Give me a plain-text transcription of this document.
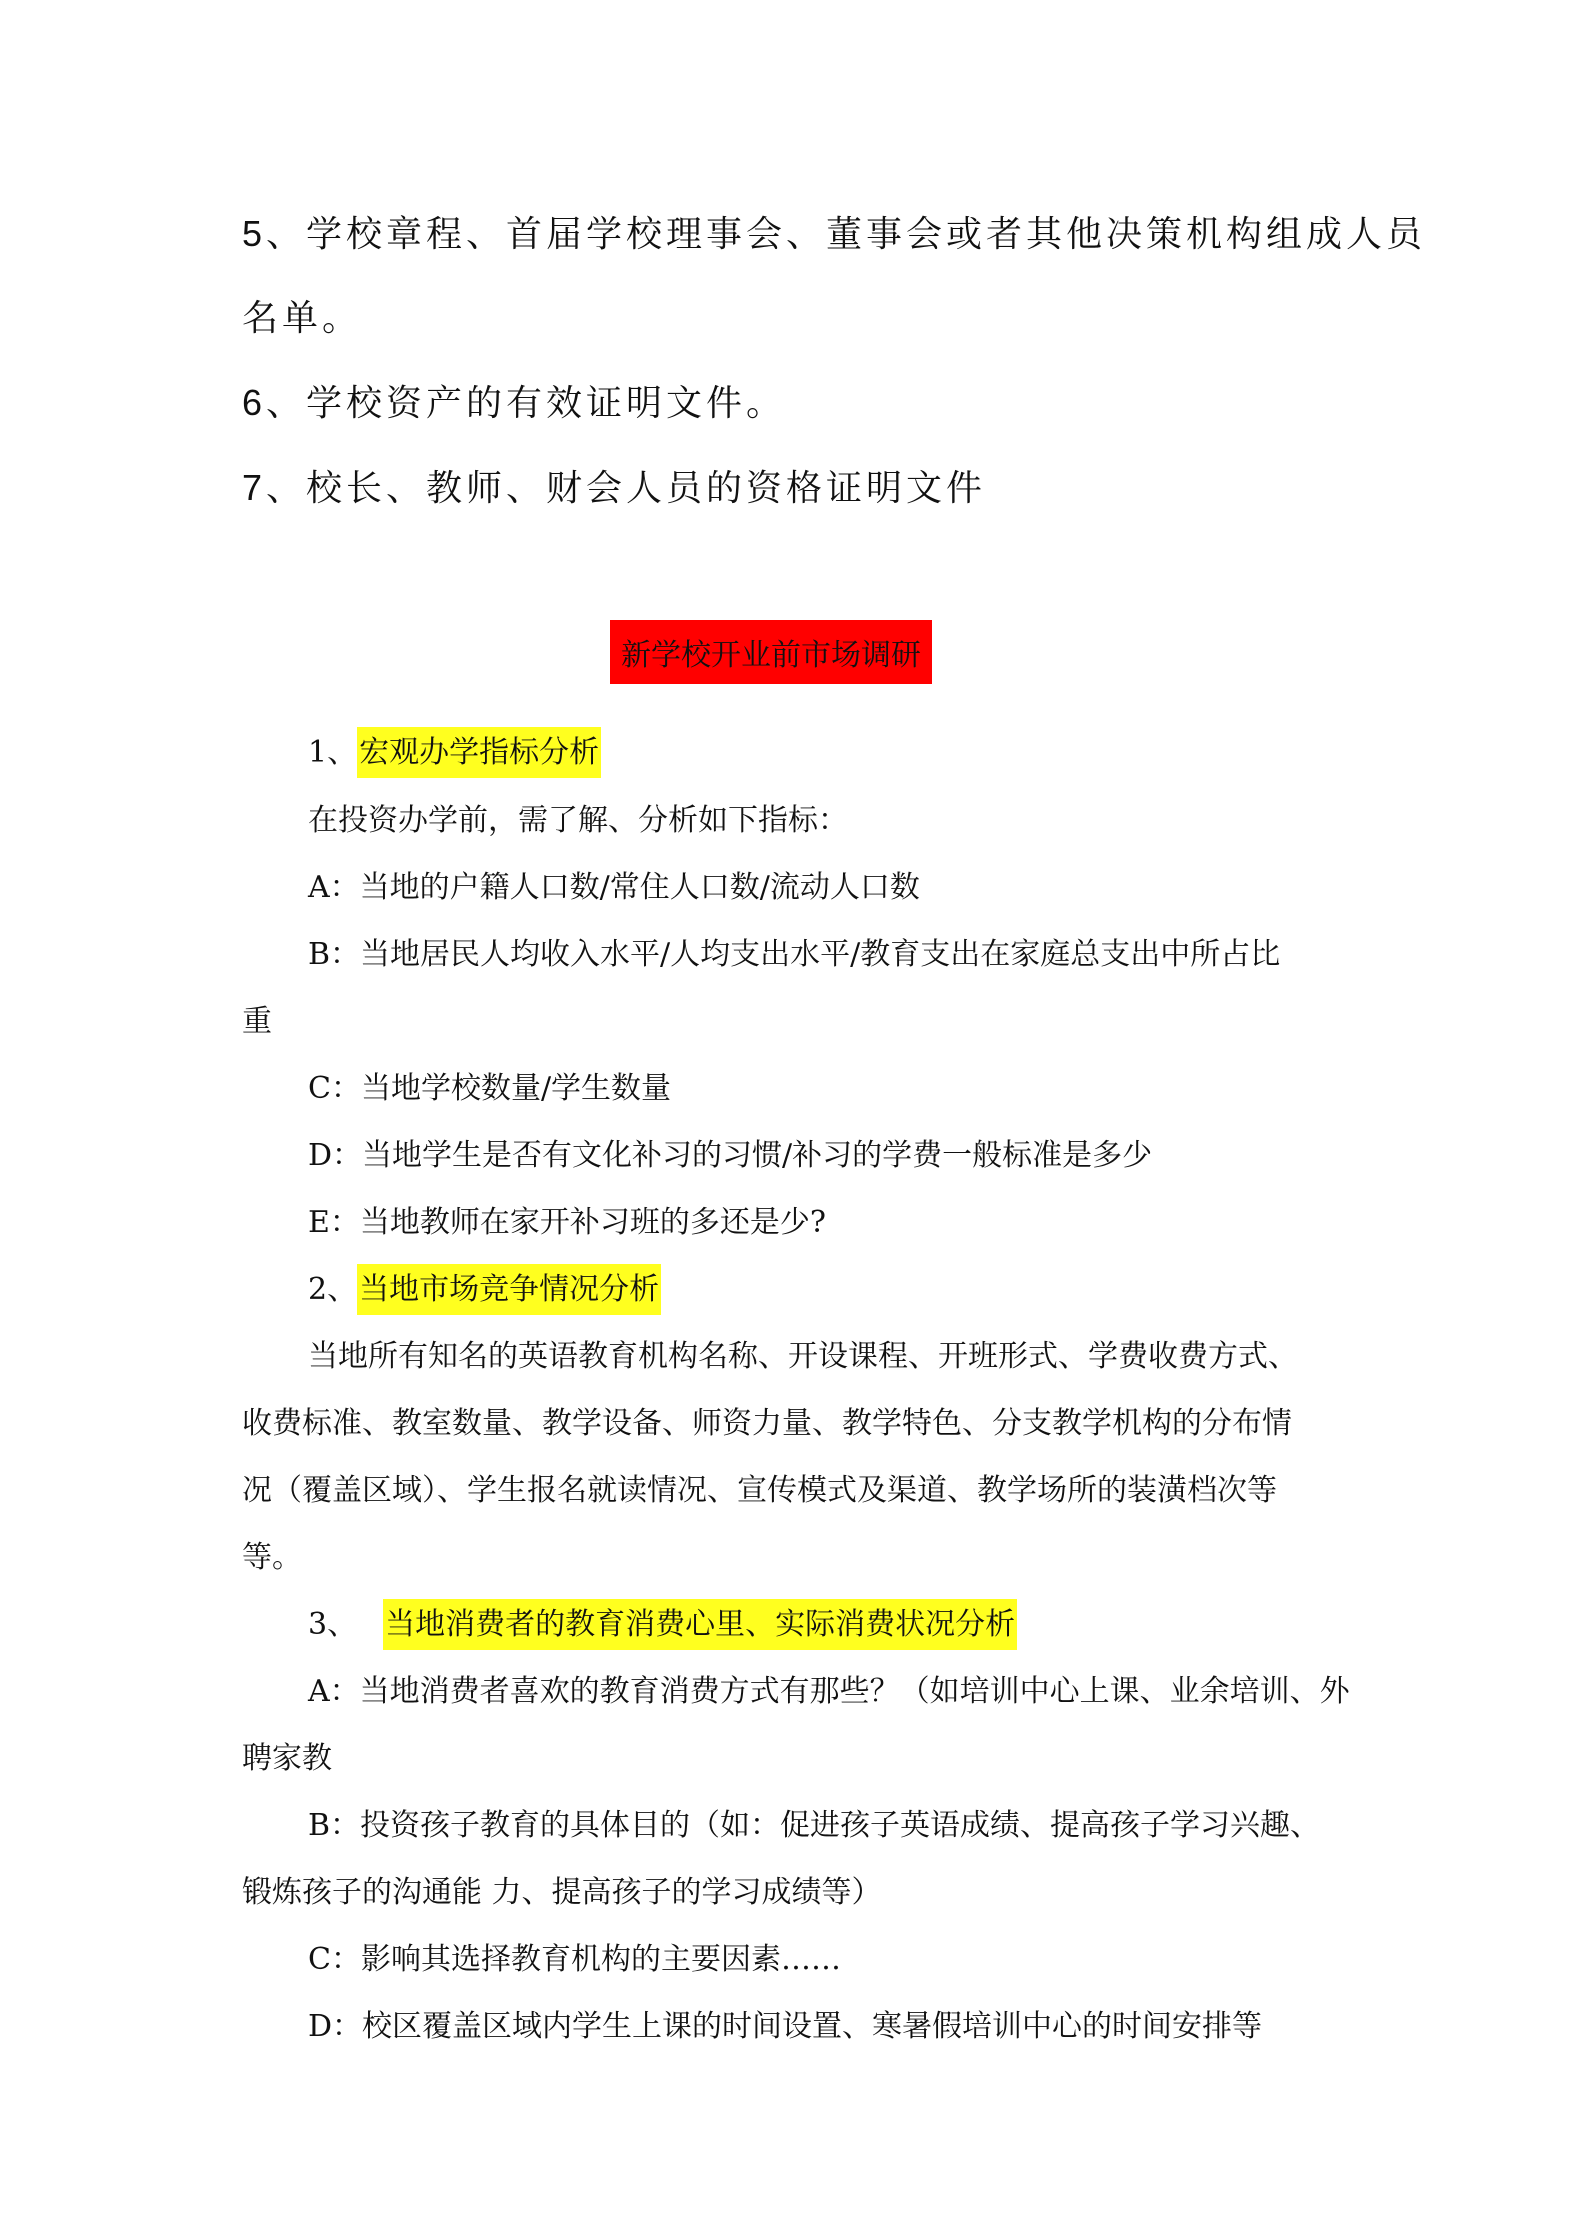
5、学校章程、首届学校理事会、董事会或者其他决策机构组成人员
名单。
6、学校资产的有效证明文件。
7、校长、教师、财会人员的资格证明文件
新学校开业前市场调研
1、宏观办学指标分析
在投资办学前，需了解、分析如下指标：
A：当地的户籍人口数/常住人口数/流动人口数
B：当地居民人均收入水平/人均支出水平/教育支出在家庭总支出中所占比
重
C：当地学校数量/学生数量
D：当地学生是否有文化补习的习惯/补习的学费一般标准是多少
E：当地教师在家开补习班的多还是少?
2、当地市场竞争情况分析
当地所有知名的英语教育机构名称、开设课程、开班形式、学费收费方式、
收费标准、教室数量、教学设备、师资力量、教学特色、分支教学机构的分布情
况（覆盖区域）、学生报名就读情况、宣传模式及渠道、教学场所的装潢档次等
等。
3、 当地消费者的教育消费心里、实际消费状况分析
A：当地消费者喜欢的教育消费方式有那些？（如培训中心上课、业余培训、外
聘家教
B：投资孩子教育的具体目的（如：促进孩子英语成绩、提高孩子学习兴趣、
锻炼孩子的沟通能 力、提高孩子的学习成绩等）
C：影响其选择教育机构的主要因素……
D：校区覆盖区域内学生上课的时间设置、寒暑假培训中心的时间安排等
